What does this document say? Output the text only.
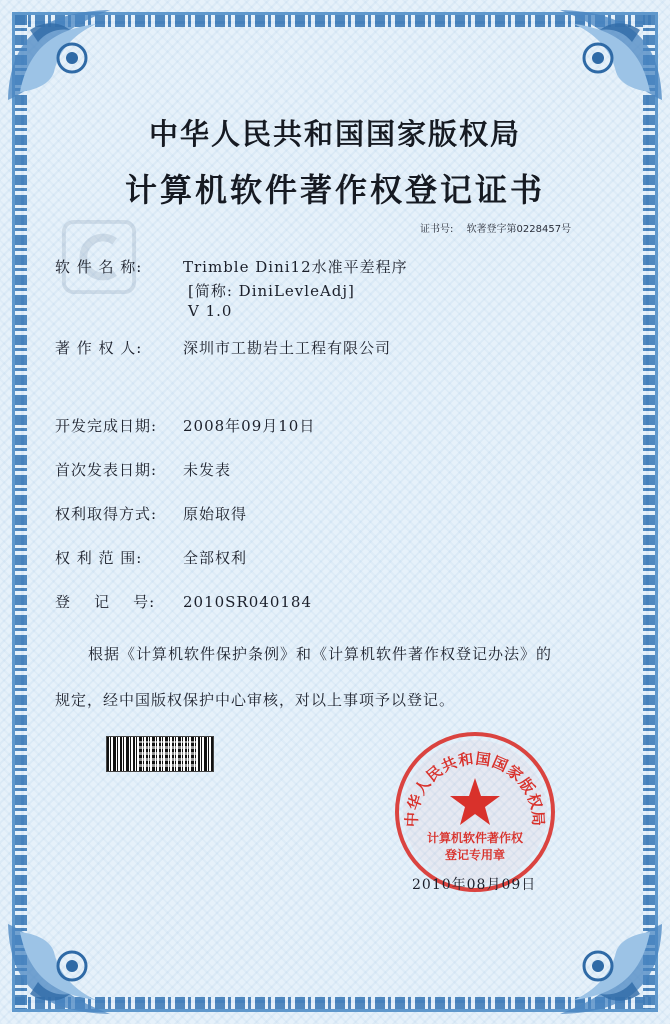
中华人民共和国国家版权局
计算机软件著作权登记证书
证书号: 软著登字第0228457号
软 件 名 称:	Trimble Dini12水准平差程序
[简称: DiniLevleAdj]
V 1.0
著 作 权 人:	深圳市工勘岩土工程有限公司
开发完成日期: 2008年09月10日
首次发表日期: 未发表
权利取得方式: 原始取得
权 利 范 围:	全部权利
登    记    号: 2010SR040184
根据《计算机软件保护条例》和《计算机软件著作权登记办法》的
规定，经中国版权保护中心审核，对以上事项予以登记。
中华人民共和国国家版权局
计算机软件著作权
登记专用章
2010年08月09日
